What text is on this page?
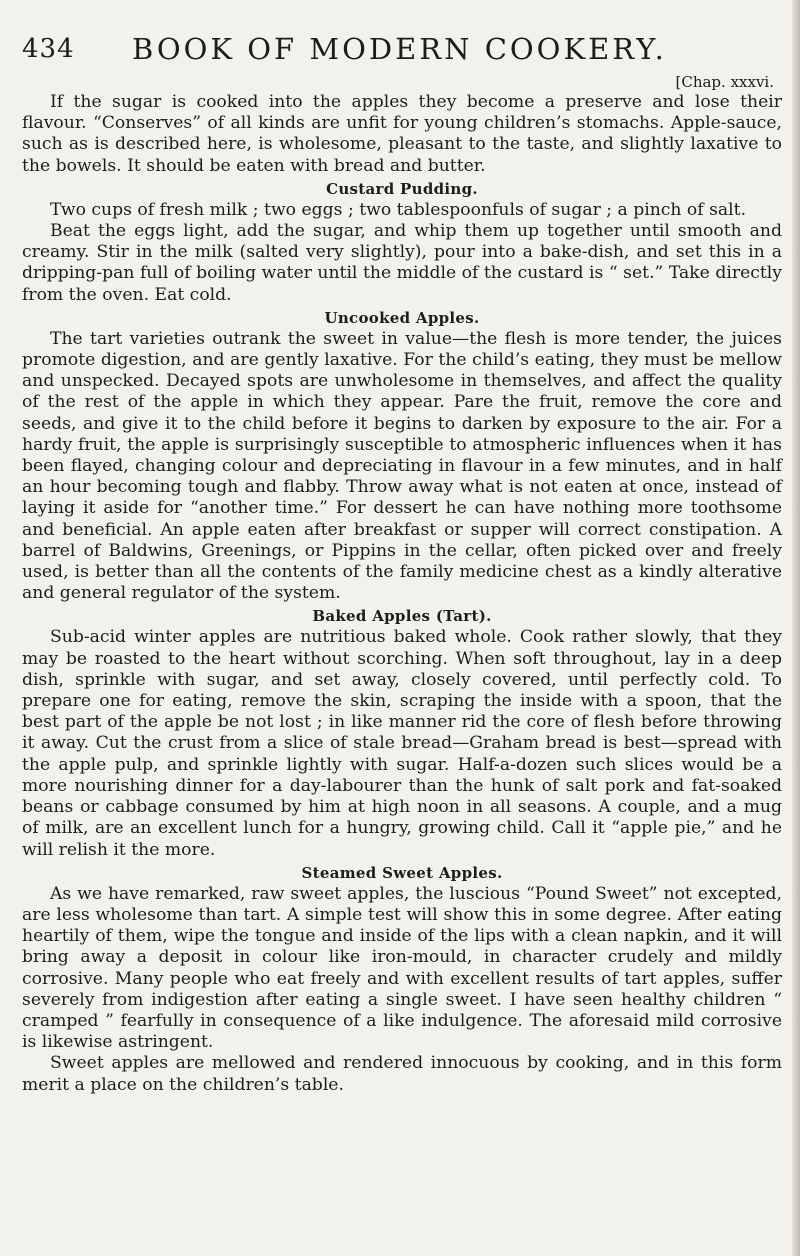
434 BOOK OF MODERN COOKERY.

[Chap. xxxvi.

If the sugar is cooked into the apples they become a preserve and lose their flavour. “Conserves” of all kinds are unfit for young children’s stomachs. Apple-sauce, such as is described here, is wholesome, pleasant to the taste, and slightly laxative to the bowels. It should be eaten with bread and butter.

Custard Pudding.

Two cups of fresh milk ; two eggs ; two tablespoonfuls of sugar ; a pinch of salt.

Beat the eggs light, add the sugar, and whip them up together until smooth and creamy. Stir in the milk (salted very slightly), pour into a bake-dish, and set this in a dripping-pan full of boiling water until the middle of the custard is “ set.” Take directly from the oven. Eat cold.

Uncooked Apples.

The tart varieties outrank the sweet in value—the flesh is more tender, the juices promote digestion, and are gently laxative. For the child’s eating, they must be mellow and unspecked. Decayed spots are unwholesome in themselves, and affect the quality of the rest of the apple in which they appear. Pare the fruit, remove the core and seeds, and give it to the child before it begins to darken by exposure to the air. For a hardy fruit, the apple is surprisingly susceptible to atmospheric influences when it has been flayed, changing colour and depreciating in flavour in a few minutes, and in half an hour becoming tough and flabby. Throw away what is not eaten at once, instead of laying it aside for “another time.” For dessert he can have nothing more toothsome and beneficial. An apple eaten after breakfast or supper will correct constipation. A barrel of Baldwins, Greenings, or Pippins in the cellar, often picked over and freely used, is better than all the contents of the family medicine chest as a kindly alterative and general regulator of the system.

Baked Apples (Tart).

Sub-acid winter apples are nutritious baked whole. Cook rather slowly, that they may be roasted to the heart without scorching. When soft throughout, lay in a deep dish, sprinkle with sugar, and set away, closely covered, until perfectly cold. To prepare one for eating, remove the skin, scraping the inside with a spoon, that the best part of the apple be not lost ; in like manner rid the core of flesh before throwing it away. Cut the crust from a slice of stale bread—Graham bread is best—spread with the apple pulp, and sprinkle lightly with sugar. Half-a-dozen such slices would be a more nourishing dinner for a day-labourer than the hunk of salt pork and fat-soaked beans or cabbage consumed by him at high noon in all seasons. A couple, and a mug of milk, are an excellent lunch for a hungry, growing child. Call it “apple pie,” and he will relish it the more.

Steamed Sweet Apples.

As we have remarked, raw sweet apples, the luscious “Pound Sweet” not excepted, are less wholesome than tart. A simple test will show this in some degree. After eating heartily of them, wipe the tongue and inside of the lips with a clean napkin, and it will bring away a deposit in colour like iron-mould, in character crudely and mildly corrosive. Many people who eat freely and with excellent results of tart apples, suffer severely from indigestion after eating a single sweet. I have seen healthy children “ cramped ” fearfully in consequence of a like indulgence. The aforesaid mild corrosive is likewise astringent.

Sweet apples are mellowed and rendered innocuous by cooking, and in this form merit a place on the children’s table.
